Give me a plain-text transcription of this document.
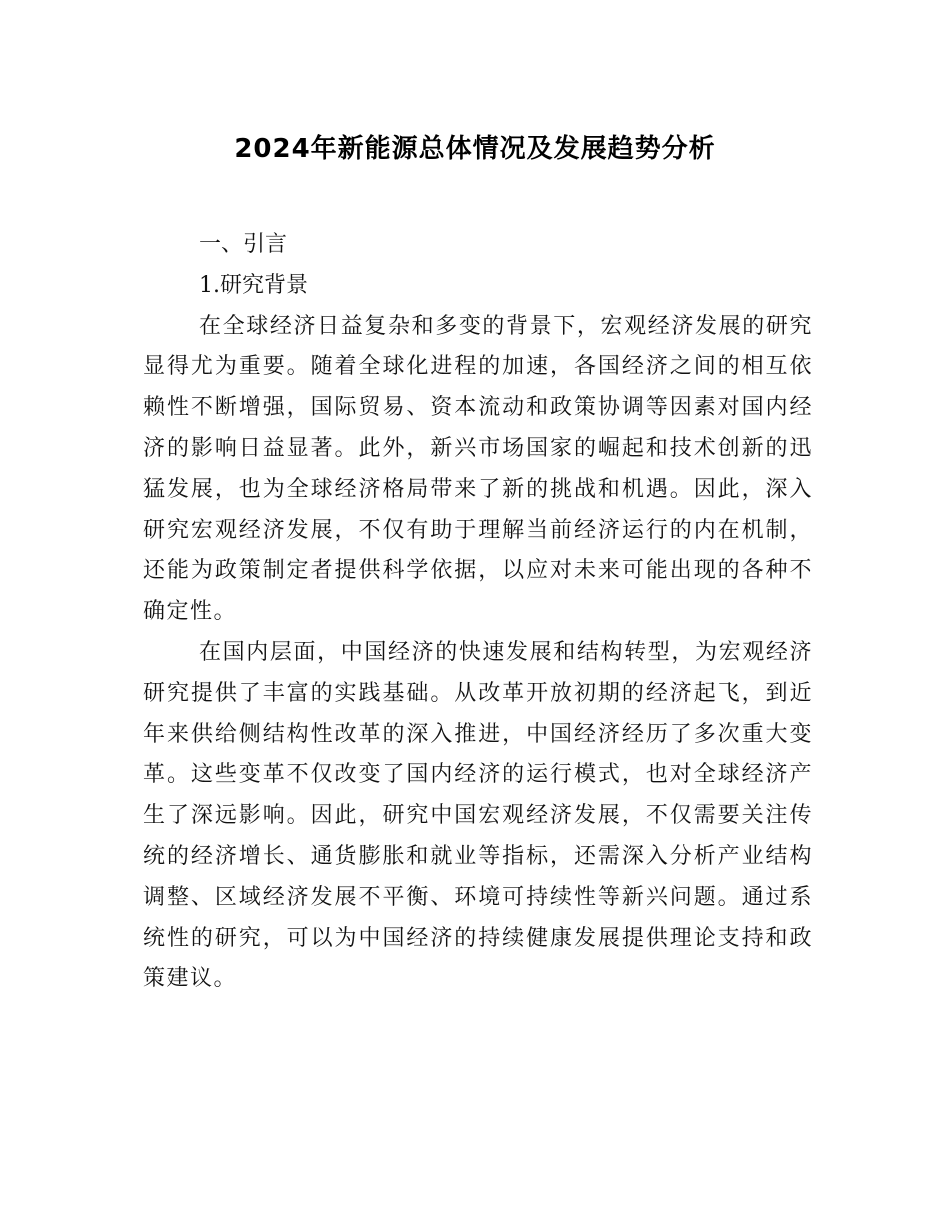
2024年新能源总体情况及发展趋势分析
一、引言
1.研究背景

在全球经济日益复杂和多变的背景下，宏观经济发展的研究显得尤为重要。随着全球化进程的加速，各国经济之间的相互依赖性不断增强，国际贸易、资本流动和政策协调等因素对国内经济的影响日益显著。此外，新兴市场国家的崛起和技术创新的迅猛发展，也为全球经济格局带来了新的挑战和机遇。因此，深入研究宏观经济发展，不仅有助于理解当前经济运行的内在机制，还能为政策制定者提供科学依据，以应对未来可能出现的各种不确定性。

在国内层面，中国经济的快速发展和结构转型，为宏观经济研究提供了丰富的实践基础。从改革开放初期的经济起飞，到近年来供给侧结构性改革的深入推进，中国经济经历了多次重大变革。这些变革不仅改变了国内经济的运行模式，也对全球经济产生了深远影响。因此，研究中国宏观经济发展，不仅需要关注传统的经济增长、通货膨胀和就业等指标，还需深入分析产业结构调整、区域经济发展不平衡、环境可持续性等新兴问题。通过系统性的研究，可以为中国经济的持续健康发展提供理论支持和政策建议。
